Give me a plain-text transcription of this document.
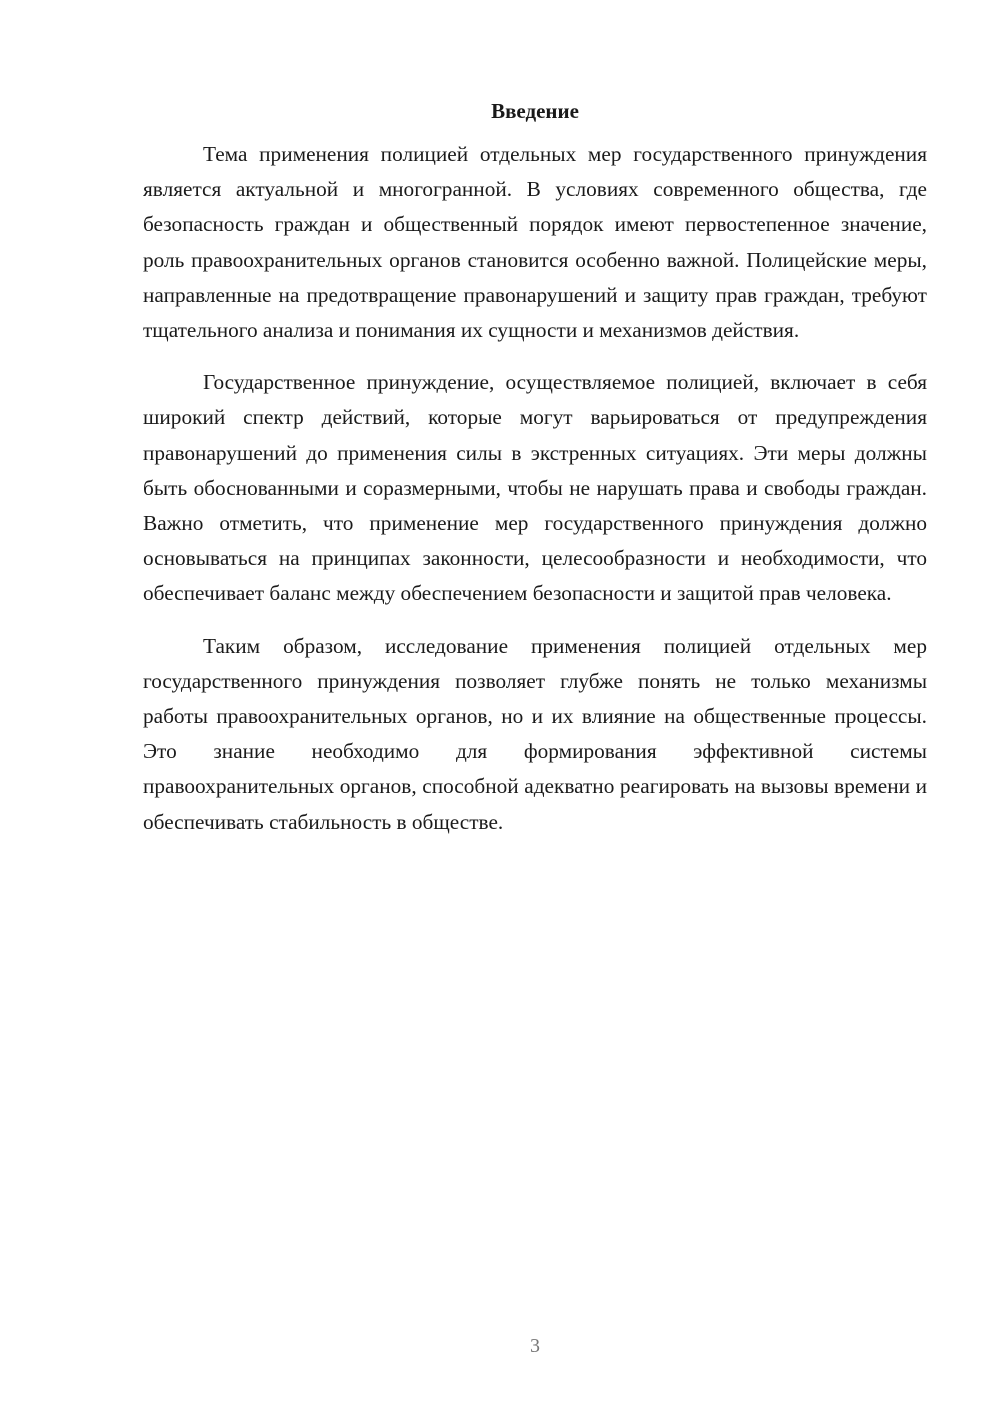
Введение

Тема применения полицией отдельных мер государственного принуждения является актуальной и многогранной. В условиях современного общества, где безопасность граждан и общественный порядок имеют первостепенное значение, роль правоохранительных органов становится особенно важной. Полицейские меры, направленные на предотвращение правонарушений и защиту прав граждан, требуют тщательного анализа и понимания их сущности и механизмов действия.

Государственное принуждение, осуществляемое полицией, включает в себя широкий спектр действий, которые могут варьироваться от предупреждения правонарушений до применения силы в экстренных ситуациях. Эти меры должны быть обоснованными и соразмерными, чтобы не нарушать права и свободы граждан. Важно отметить, что применение мер государственного принуждения должно основываться на принципах законности, целесообразности и необходимости, что обеспечивает баланс между обеспечением безопасности и защитой прав человека.

Таким образом, исследование применения полицией отдельных мер государственного принуждения позволяет глубже понять не только механизмы работы правоохранительных органов, но и их влияние на общественные процессы. Это знание необходимо для формирования эффективной системы правоохранительных органов, способной адекватно реагировать на вызовы времени и обеспечивать стабильность в обществе.

3
